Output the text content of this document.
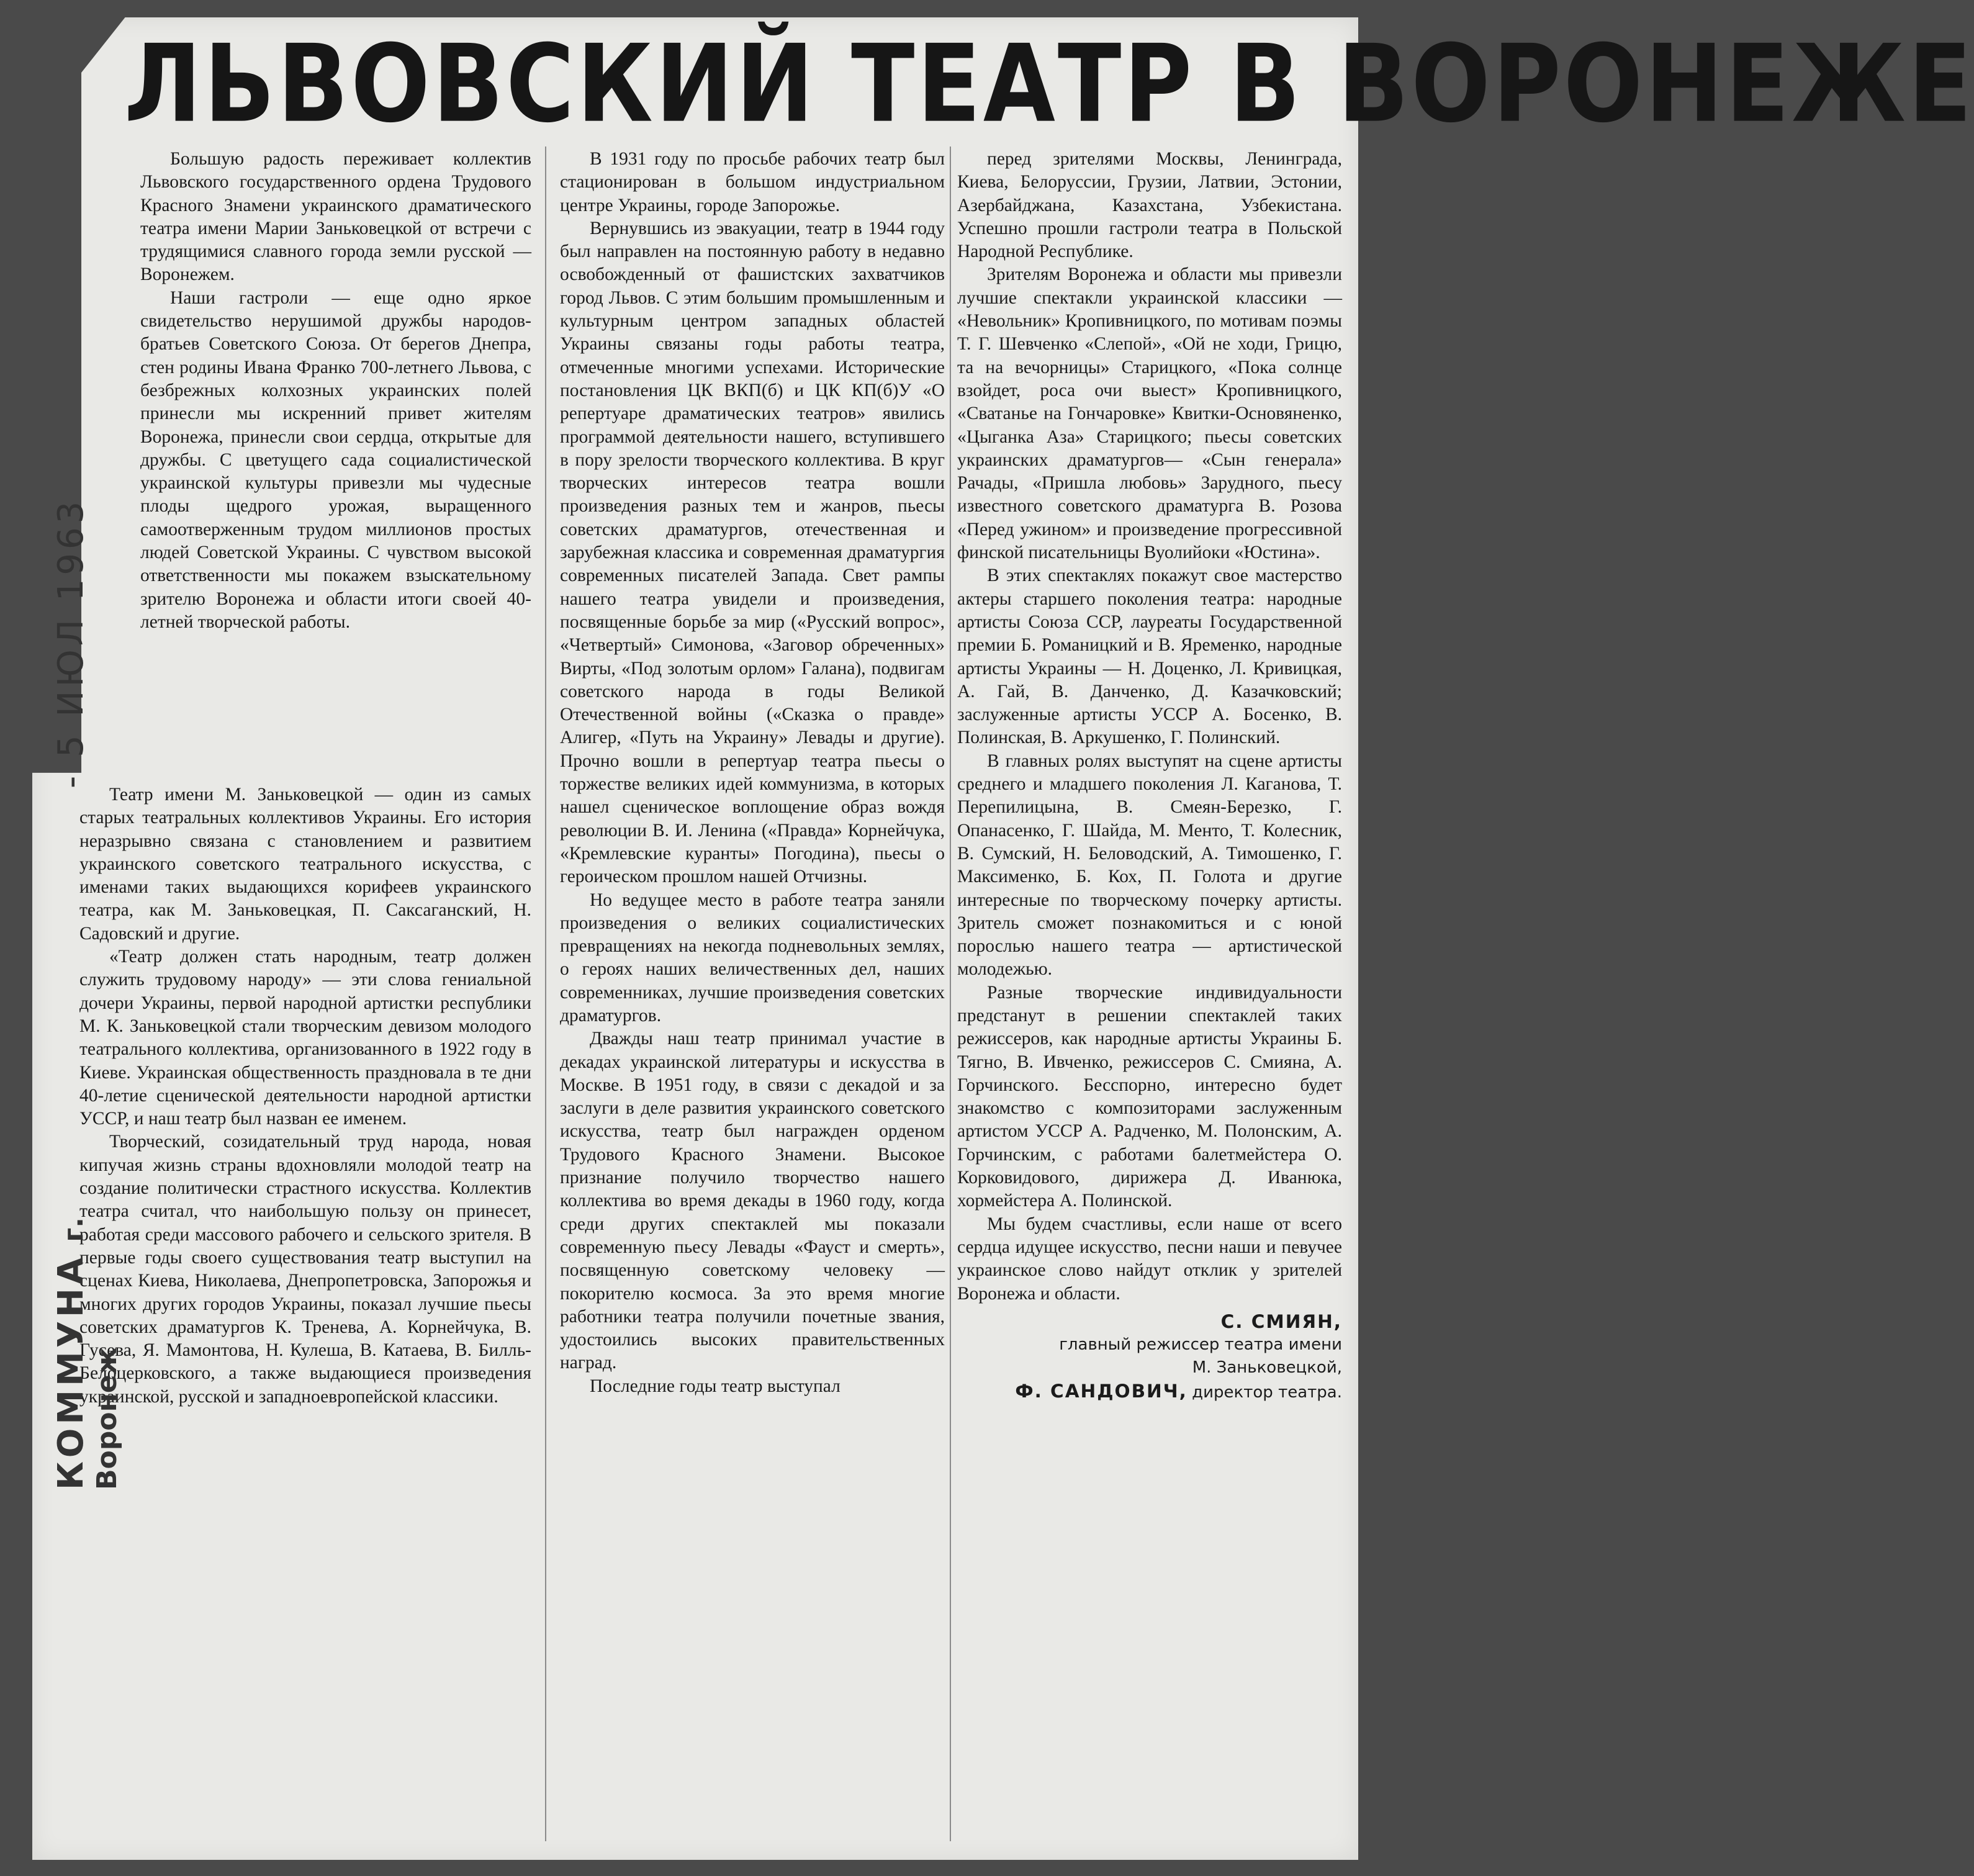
ЛЬВОВСКИЙ ТЕАТР В ВОРОНЕЖЕ

Большую радость переживает коллектив Львовского государственного ордена Трудового Красного Знамени украинского драматического театра имени Марии Заньковецкой от встречи с трудящимися славного города земли русской — Воронежем.

Наши гастроли — еще одно яркое свидетельство нерушимой дружбы народов-братьев Советского Союза. От берегов Днепра, стен родины Ивана Франко 700-летнего Львова, с безбрежных колхозных украинских полей принесли мы искренний привет жителям Воронежа, принесли свои сердца, открытые для дружбы. С цветущего сада социалистической украинской культуры привезли мы чудесные плоды щедрого урожая, выращенного самоотверженным трудом миллионов простых людей Советской Украины. С чувством высокой ответственности мы покажем взыскательному зрителю Воронежа и области итоги своей 40-летней творческой работы.

Театр имени М. Заньковецкой — один из самых старых театральных коллективов Украины. Его история неразрывно связана с становлением и развитием украинского советского театрального искусства, с именами таких выдающихся корифеев украинского театра, как М. Заньковецкая, П. Саксаганский, Н. Садовский и другие.

«Театр должен стать народным, театр должен служить трудовому народу» — эти слова гениальной дочери Украины, первой народной артистки республики М. К. Заньковецкой стали творческим девизом молодого театрального коллектива, организованного в 1922 году в Киеве. Украинская общественность праздновала в те дни 40-летие сценической деятельности народной артистки УССР, и наш театр был назван ее именем.

Творческий, созидательный труд народа, новая кипучая жизнь страны вдохновляли молодой театр на создание политически страстного искусства. Коллектив театра считал, что наибольшую пользу он принесет, работая среди массового рабочего и сельского зрителя. В первые годы своего существования театр выступил на сценах Киева, Николаева, Днепропетровска, Запорожья и многих других городов Украины, показал лучшие пьесы советских драматургов К. Тренева, А. Корнейчука, В. Гусева, Я. Мамонтова, Н. Кулеша, В. Катаева, В. Билль-Белоцерковского, а также выдающиеся произведения украинской, русской и западноевропейской классики.

В 1931 году по просьбе рабочих театр был стационирован в большом индустриальном центре Украины, городе Запорожье.

Вернувшись из эвакуации, театр в 1944 году был направлен на постоянную работу в недавно освобожденный от фашистских захватчиков город Львов. С этим большим промышленным и культурным центром западных областей Украины связаны годы работы театра, отмеченные многими успехами. Исторические постановления ЦК ВКП(б) и ЦК КП(б)У «О репертуаре драматических театров» явились программой деятельности нашего, вступившего в пору зрелости творческого коллектива. В круг творческих интересов театра вошли произведения разных тем и жанров, пьесы советских драматургов, отечественная и зарубежная классика и современная драматургия современных писателей Запада. Свет рампы нашего театра увидели и произведения, посвященные борьбе за мир («Русский вопрос», «Четвертый» Симонова, «Заговор обреченных» Вирты, «Под золотым орлом» Галана), подвигам советского народа в годы Великой Отечественной войны («Сказка о правде» Алигер, «Путь на Украину» Левады и другие). Прочно вошли в репертуар театра пьесы о торжестве великих идей коммунизма, в которых нашел сценическое воплощение образ вождя революции В. И. Ленина («Правда» Корнейчука, «Кремлевские куранты» Погодина), пьесы о героическом прошлом нашей Отчизны.

Но ведущее место в работе театра заняли произведения о великих социалистических превращениях на некогда подневольных землях, о героях наших величественных дел, наших современниках, лучшие произведения советских драматургов.

Дважды наш театр принимал участие в декадах украинской литературы и искусства в Москве. В 1951 году, в связи с декадой и за заслуги в деле развития украинского советского искусства, театр был награжден орденом Трудового Красного Знамени. Высокое признание получило творчество нашего коллектива во время декады в 1960 году, когда среди других спектаклей мы показали современную пьесу Левады «Фауст и смерть», посвященную советскому человеку — покорителю космоса. За это время многие работники театра получили почетные звания, удостоились высоких правительственных наград.

Последние годы театр выступал

перед зрителями Москвы, Ленинграда, Киева, Белоруссии, Грузии, Латвии, Эстонии, Азербайджана, Казахстана, Узбекистана. Успешно прошли гастроли театра в Польской Народной Республике.

Зрителям Воронежа и области мы привезли лучшие спектакли украинской классики — «Невольник» Кропивницкого, по мотивам поэмы Т. Г. Шевченко «Слепой», «Ой не ходи, Грицю, та на вечорницы» Старицкого, «Пока солнце взойдет, роса очи выест» Кропивницкого, «Сватанье на Гончаровке» Квитки-Основяненко, «Цыганка Аза» Старицкого; пьесы советских украинских драматургов— «Сын генерала» Рачады, «Пришла любовь» Зарудного, пьесу известного советского драматурга В. Розова «Перед ужином» и произведение прогрессивной финской писательницы Вуолийоки «Юстина».

В этих спектаклях покажут свое мастерство актеры старшего поколения театра: народные артисты Союза ССР, лауреаты Государственной премии Б. Романицкий и В. Яременко, народные артисты Украины — Н. Доценко, Л. Кривицкая, А. Гай, В. Данченко, Д. Казачковский; заслуженные артисты УССР А. Босенко, В. Полинская, В. Аркушенко, Г. Полинский.

В главных ролях выступят на сцене артисты среднего и младшего поколения Л. Каганова, Т. Перепилицына, В. Смеян-Березко, Г. Опанасенко, Г. Шайда, М. Менто, Т. Колесник, В. Сумский, Н. Беловодский, А. Тимошенко, Г. Максименко, Б. Кох, П. Голота и другие интересные по творческому почерку артисты. Зритель сможет познакомиться и с юной порослью нашего театра — артистической молодежью.

Разные творческие индивидуальности предстанут в решении спектаклей таких режиссеров, как народные артисты Украины Б. Тягно, В. Ивченко, режиссеров С. Смияна, А. Горчинского. Бесспорно, интересно будет знакомство с композиторами заслуженным артистом УССР А. Радченко, М. Полонским, А. Горчинским, с работами балетмейстера О. Корковидового, дирижера Д. Иванюка, хормейстера А. Полинской.

Мы будем счастливы, если наше от всего сердца идущее искусство, песни наши и певучее украинское слово найдут отклик у зрителей Воронежа и области.

С. СМИЯН,
главный режиссер театра имени
М. Заньковецкой,
Ф. САНДОВИЧ, директор театра.
КОММУНА г. Воронеж
- 5 ИЮЛ 1963
